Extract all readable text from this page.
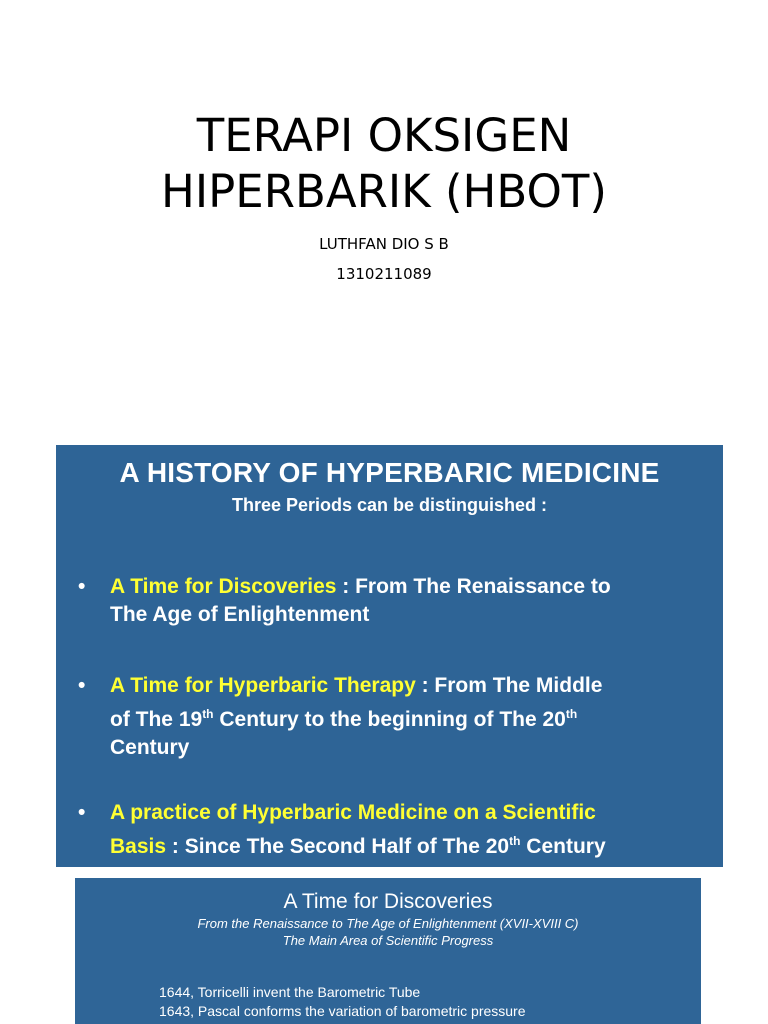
TERAPI OKSIGEN
HIPERBARIK (HBOT)
LUTHFAN DIO S B
1310211089
A HISTORY OF HYPERBARIC MEDICINE
Three Periods can be distinguished :
• A Time for Discoveries : From The Renaissance to
The Age of Enlightenment
• A Time for Hyperbaric Therapy : From The Middle
of The 19th Century to the beginning of The 20th
Century
• A practice of Hyperbaric Medicine on a Scientific
Basis : Since The Second Half of The 20th Century
A Time for Discoveries
From the Renaissance to The Age of Enlightenment (XVII-XVIII C)
The Main Area of Scientific Progress
1644, Torricelli invent the Barometric Tube
1643, Pascal conforms the variation of barometric pressure
